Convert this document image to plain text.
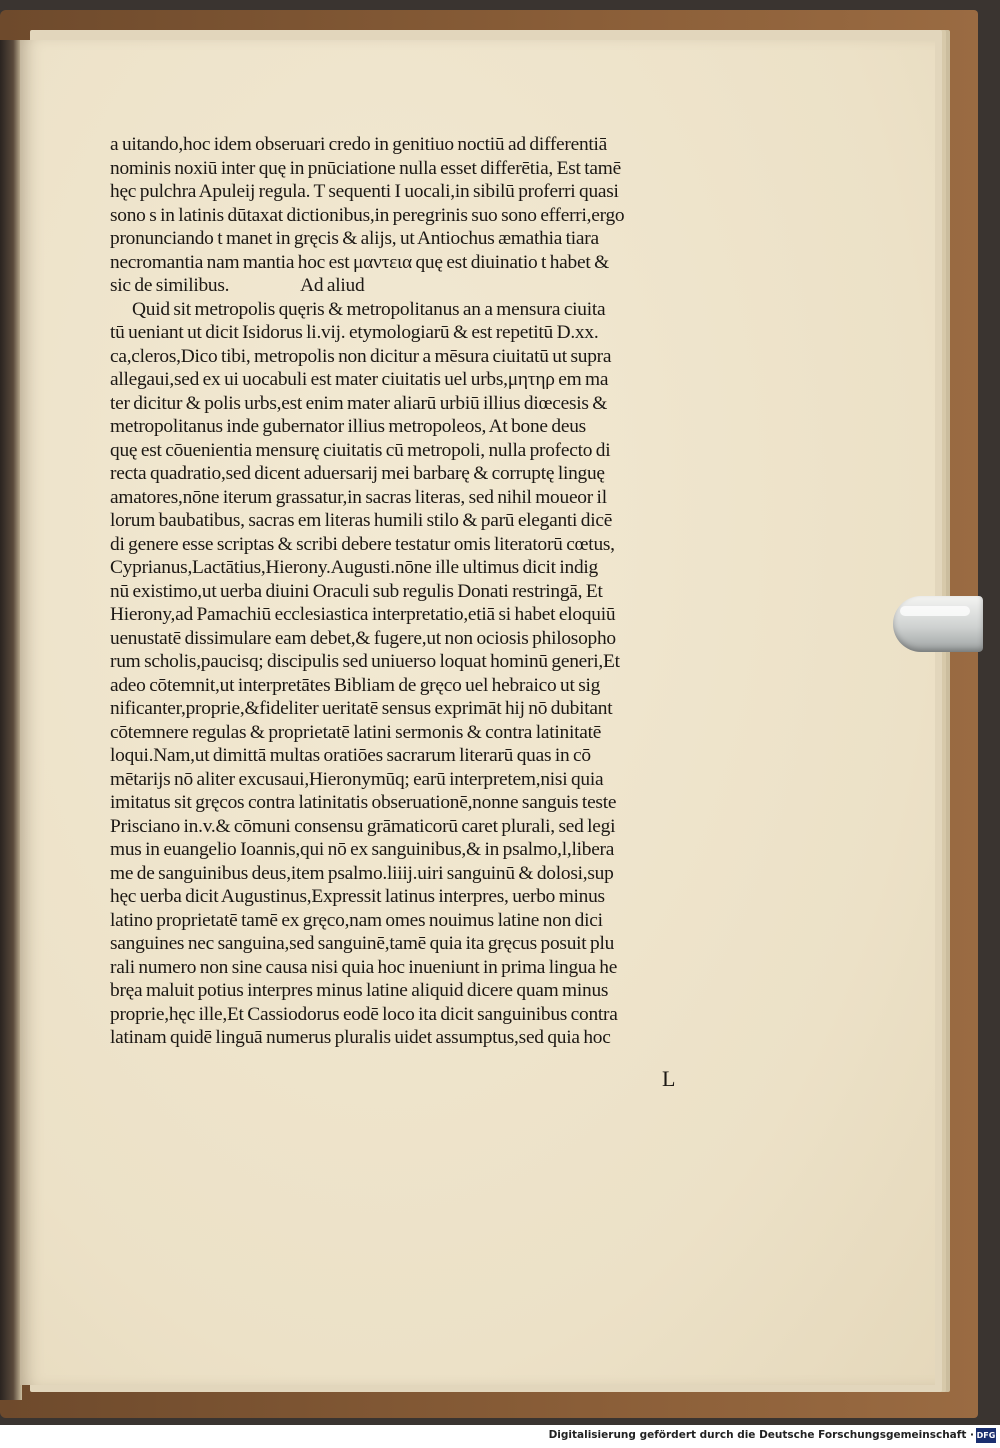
a uitando,hoc idem obseruari credo in genitiuo noctiū ad differentiā
nominis noxiū inter quę in pnūciatione nulla esset differētia, Est tamē
hęc pulchra Apuleij regula. T sequenti I uocali,in sibilū proferri quasi
sono s in latinis dūtaxat dictionibus,in peregrinis suo sono efferri,ergo
pronunciando t manet in gręcis & alijs, ut Antiochus æmathia tiara
necromantia nam mantia hoc est μαντεια quę est diuinatio t habet &
sic de similibus.                    Ad aliud
Quid sit metropolis quęris & metropolitanus an a mensura ciuita
tū ueniant ut dicit Isidorus li.vij. etymologiarū & est repetitū D.xx.
ca,cleros,Dico tibi, metropolis non dicitur a mēsura ciuitatū ut supra
allegaui,sed ex ui uocabuli est mater ciuitatis uel urbs,μητηρ em ma
ter dicitur & polis urbs,est enim mater aliarū urbiū illius diœcesis &
metropolitanus inde gubernator illius metropoleos, At bone deus
quę est cōuenientia mensurę ciuitatis cū metropoli, nulla profecto di
recta quadratio,sed dicent aduersarij mei barbarę & corruptę linguę
amatores,nōne iterum grassatur,in sacras literas, sed nihil moueor il
lorum baubatibus, sacras em literas humili stilo & parū eleganti dicē
di genere esse scriptas & scribi debere testatur omis literatorū cœtus,
Cyprianus,Lactātius,Hierony.Augusti.nōne ille ultimus dicit indig
nū existimo,ut uerba diuini Oraculi sub regulis Donati restringā, Et
Hierony,ad Pamachiū ecclesiastica interpretatio,etiā si habet eloquiū
uenustatē dissimulare eam debet,& fugere,ut non ociosis philosopho
rum scholis,paucisq; discipulis sed uniuerso loquat hominū generi,Et
adeo cōtemnit,ut interpretātes Bibliam de gręco uel hebraico ut sig
nificanter,proprie,&fideliter ueritatē sensus exprimāt hij nō dubitant
cōtemnere regulas & proprietatē latini sermonis & contra latinitatē
loqui.Nam,ut dimittā multas oratiōes sacrarum literarū quas in cō
mētarijs nō aliter excusaui,Hieronymūq; earū interpretem,nisi quia
imitatus sit gręcos contra latinitatis obseruationē,nonne sanguis teste
Prisciano in.v.& cōmuni consensu grāmaticorū caret plurali, sed legi
mus in euangelio Ioannis,qui nō ex sanguinibus,& in psalmo,l,libera
me de sanguinibus deus,item psalmo.liiij.uiri sanguinū & dolosi,sup
hęc uerba dicit Augustinus,Expressit latinus interpres, uerbo minus
latino proprietatē tamē ex gręco,nam omes nouimus latine non dici
sanguines nec sanguina,sed sanguinē,tamē quia ita gręcus posuit plu
rali numero non sine causa nisi quia hoc inueniunt in prima lingua he
bręa maluit potius interpres minus latine aliquid dicere quam minus
proprie,hęc ille,Et Cassiodorus eodē loco ita dicit sanguinibus contra
latinam quidē linguā numerus pluralis uidet assumptus,sed quia hoc
L
Digitalisierung gefördert durch die Deutsche Forschungsgemeinschaft · DFG
